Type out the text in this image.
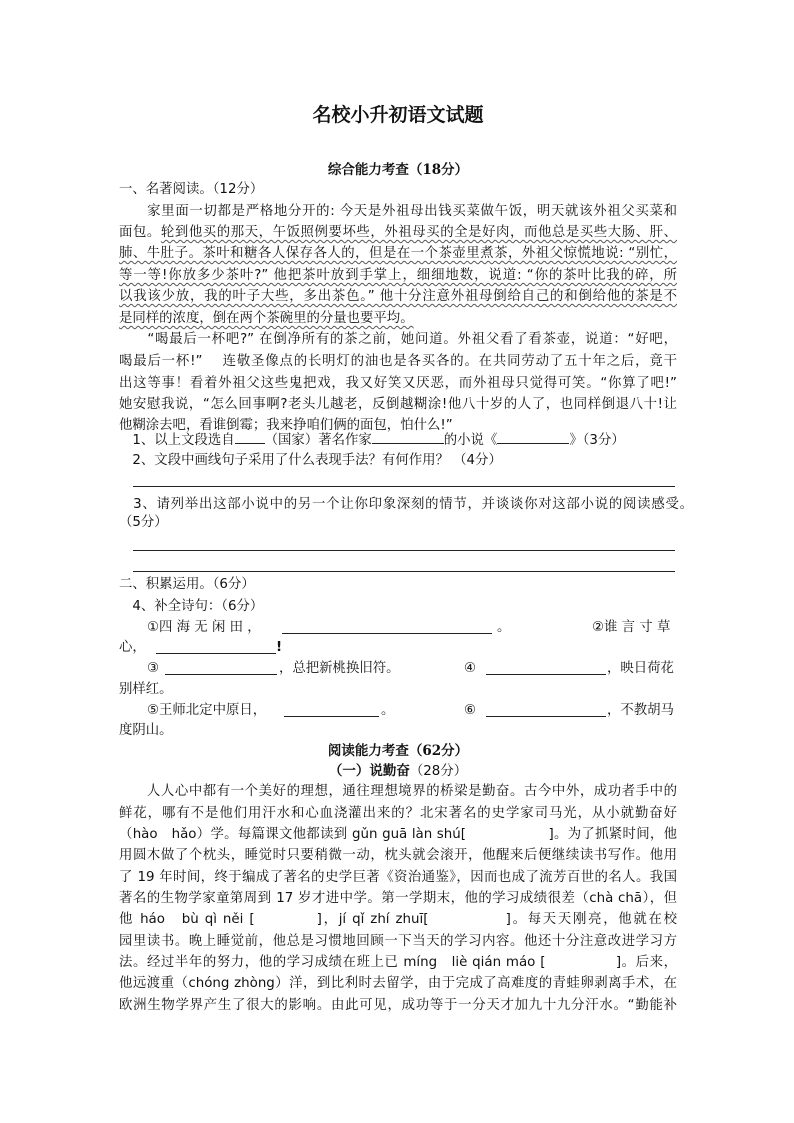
名校小升初语文试题
综合能力考查（18分）
一、名著阅读。（12分）
　　家里面一切都是严格地分开的: 今天是外祖母出钱买菜做午饭，明天就该外祖父买菜和
面包。轮到他买的那天，午饭照例要坏些，外祖母买的全是好肉，而他总是买些大肠、肝、
肺、牛肚子。茶叶和糖各人保存各人的，但是在一个茶壶里煮茶，外祖父惊慌地说: “别忙，
等一等!你放多少茶叶?” 他把茶叶放到手掌上，细细地数，说道: “你的茶叶比我的碎，所
以我该少放，我的叶子大些，多出茶色。” 他十分注意外祖母倒给自己的和倒给他的茶是不
是同样的浓度，倒在两个茶碗里的分量也要平均。
　　“喝最后一杯吧?” 在倒净所有的茶之前，她问道。外祖父看了看茶壶，说道：“好吧，
喝最后一杯!”　 连敬圣像点的长明灯的油也是各买各的。在共同劳动了五十年之后，竟干
出这等事！看着外祖父这些鬼把戏，我又好笑又厌恶，而外祖母只觉得可笑。“你算了吧!”
她安慰我说，“怎么回事啊?老头儿越老，反倒越糊涂!他八十岁的人了，也同样倒退八十!让
他糊涂去吧，看谁倒霉；我来挣咱们俩的面包，怕什么!”
　1、以上文段选自 （国家）著名作家	的小说《	》（3分）
　2、文段中画线句子采用了什么表现手法？有何作用？ （4分）
　3、请列举出这部小说中的另一个让你印象深刻的情节，并谈谈你对这部小说的阅读感受。
（5分）
二、积累运用。（6分）
　4、补全诗句：（6分）
①四 海 无 闲 田 ，	。	②谁 言 寸 草
心，	!
③	，总把新桃换旧符。	④	，映日荷花
别样红。
⑤王师北定中原日，	。	⑥	，不教胡马
度阴山。
阅读能力考查（62分）
（一）说勤奋（28分）
　　人人心中都有一个美好的理想，通往理想境界的桥梁是勤奋。古今中外，成功者手中的
鲜花，哪有不是他们用汗水和心血浇灌出来的？北宋著名的史学家司马光，从小就勤奋好
（hào　hǎo）学。每篇课文他都读到 gǔn guā làn shú[　　　　　　]。为了抓紧时间，他
用圆木做了个枕头，睡觉时只要稍微一动，枕头就会滚开，他醒来后便继续读书写作。他用
了 19 年时间，终于编成了著名的史学巨著《资治通鉴》，因而也成了流芳百世的名人。我国
著名的生物学家童第周到 17 岁才进中学。第一学期末，他的学习成绩很差（chà chā），但
他 háo　bù qì něi [　　　　]，jí qǐ zhí zhuī[　　　　　]。每天天刚亮，他就在校
园里读书。晚上睡觉前，他总是习惯地回顾一下当天的学习内容。他还十分注意改进学习方
法。经过半年的努力，他的学习成绩在班上已 míng　liè qián máo [　　　　　]。后来，
他远渡重（chóng zhòng）洋，到比利时去留学，由于完成了高难度的青蛙卵剥离手术，在
欧洲生物学界产生了很大的影响。由此可见，成功等于一分天才加九十九分汗水。“勤能补
